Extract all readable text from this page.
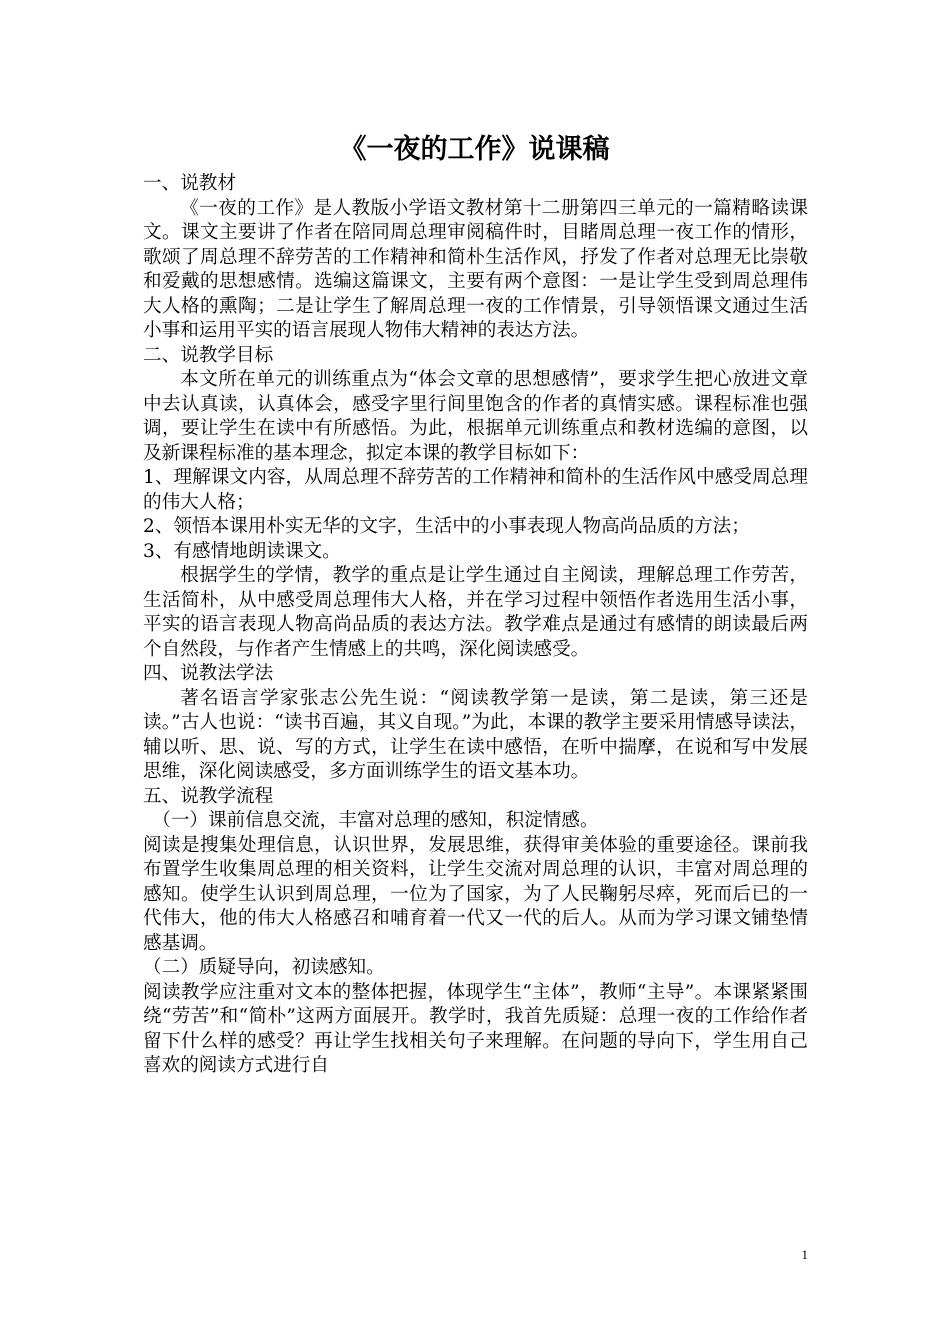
《一夜的工作》说课稿

一、说教材

《一夜的工作》是人教版小学语文教材第十二册第四三单元的一篇精略读课文。课文主要讲了作者在陪同周总理审阅稿件时，目睹周总理一夜工作的情形，歌颂了周总理不辞劳苦的工作精神和简朴生活作风，抒发了作者对总理无比崇敬和爱戴的思想感情。选编这篇课文，主要有两个意图：一是让学生受到周总理伟大人格的熏陶；二是让学生了解周总理一夜的工作情景，引导领悟课文通过生活小事和运用平实的语言展现人物伟大精神的表达方法。

二、说教学目标

本文所在单元的训练重点为“体会文章的思想感情”，要求学生把心放进文章中去认真读，认真体会，感受字里行间里饱含的作者的真情实感。课程标准也强调，要让学生在读中有所感悟。为此，根据单元训练重点和教材选编的意图，以及新课程标准的基本理念，拟定本课的教学目标如下：

1、理解课文内容，从周总理不辞劳苦的工作精神和简朴的生活作风中感受周总理的伟大人格；

2、领悟本课用朴实无华的文字，生活中的小事表现人物高尚品质的方法；

3、有感情地朗读课文。

根据学生的学情，教学的重点是让学生通过自主阅读，理解总理工作劳苦，生活简朴，从中感受周总理伟大人格，并在学习过程中领悟作者选用生活小事，平实的语言表现人物高尚品质的表达方法。教学难点是通过有感情的朗读最后两个自然段，与作者产生情感上的共鸣，深化阅读感受。

四、说教法学法

著名语言学家张志公先生说：“阅读教学第一是读，第二是读，第三还是读。”古人也说：“读书百遍，其义自现。”为此，本课的教学主要采用情感导读法，辅以听、思、说、写的方式，让学生在读中感悟，在听中揣摩，在说和写中发展思维，深化阅读感受，多方面训练学生的语文基本功。

五、说教学流程

（一）课前信息交流，丰富对总理的感知，积淀情感。

阅读是搜集处理信息，认识世界，发展思维，获得审美体验的重要途径。课前我布置学生收集周总理的相关资料，让学生交流对周总理的认识，丰富对周总理的感知。使学生认识到周总理，一位为了国家，为了人民鞠躬尽瘁，死而后已的一代伟大，他的伟大人格感召和哺育着一代又一代的后人。从而为学习课文铺垫情感基调。

（二）质疑导向，初读感知。

阅读教学应注重对文本的整体把握，体现学生“主体”，教师“主导”。本课紧紧围绕“劳苦”和“简朴”这两方面展开。教学时，我首先质疑：总理一夜的工作给作者留下什么样的感受？再让学生找相关句子来理解。在问题的导向下，学生用自己喜欢的阅读方式进行自

1
